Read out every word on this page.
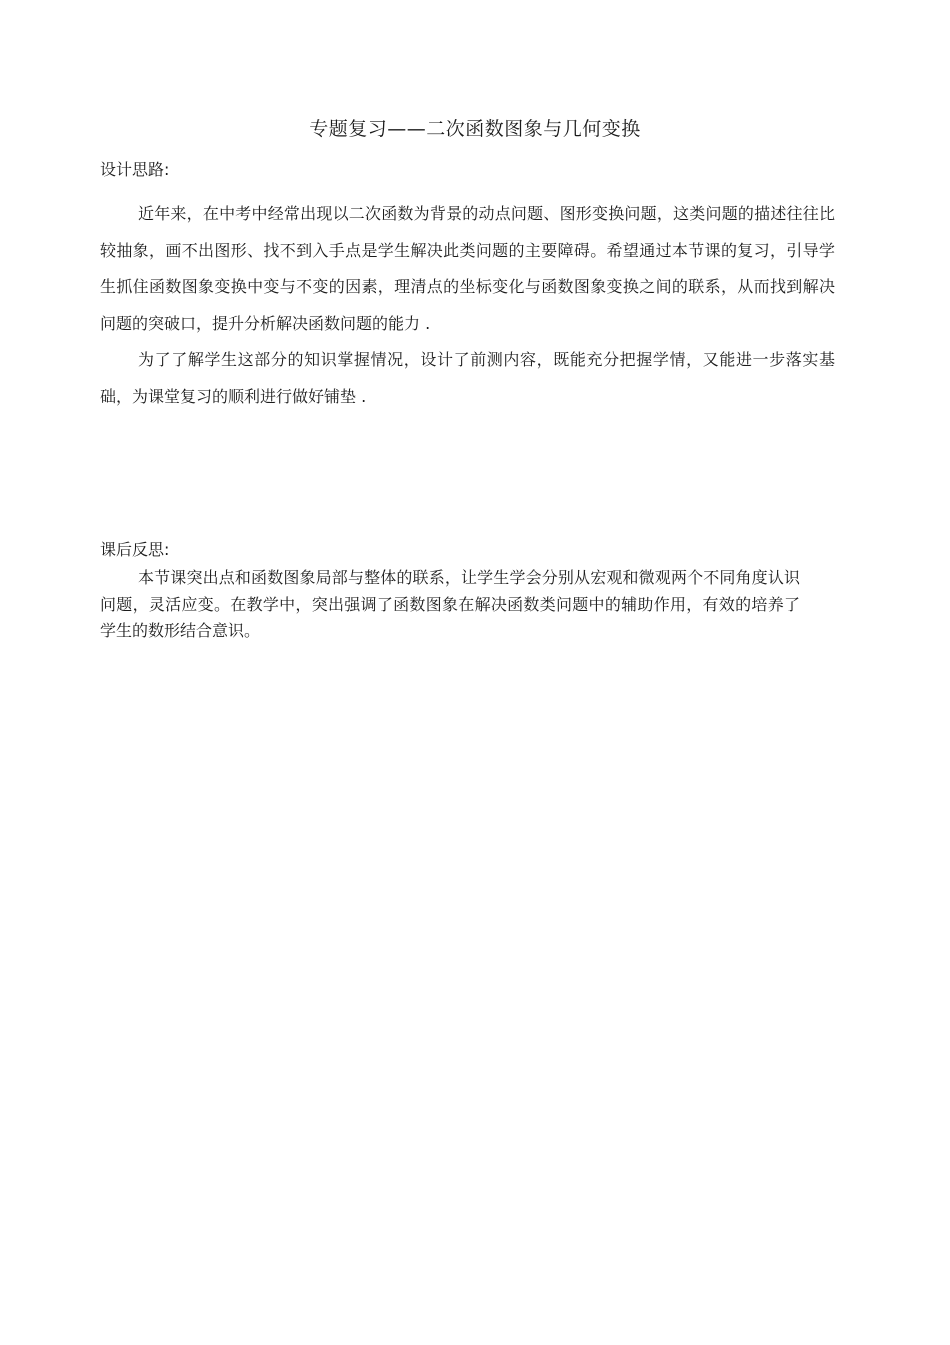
专题复习——二次函数图象与几何变换
设计思路:

近年来，在中考中经常出现以二次函数为背景的动点问题、图形变换问题，这类问题的描述往往比较抽象，画不出图形、找不到入手点是学生解决此类问题的主要障碍。希望通过本节课的复习，引导学生抓住函数图象变换中变与不变的因素，理清点的坐标变化与函数图象变换之间的联系，从而找到解决问题的突破口，提升分析解决函数问题的能力 .

为了了解学生这部分的知识掌握情况，设计了前测内容，既能充分把握学情，又能进一步落实基础，为课堂复习的顺利进行做好铺垫 .

课后反思:

本节课突出点和函数图象局部与整体的联系，让学生学会分别从宏观和微观两个不同角度认识问题，灵活应变。在教学中，突出强调了函数图象在解决函数类问题中的辅助作用，有效的培养了学生的数形结合意识。
